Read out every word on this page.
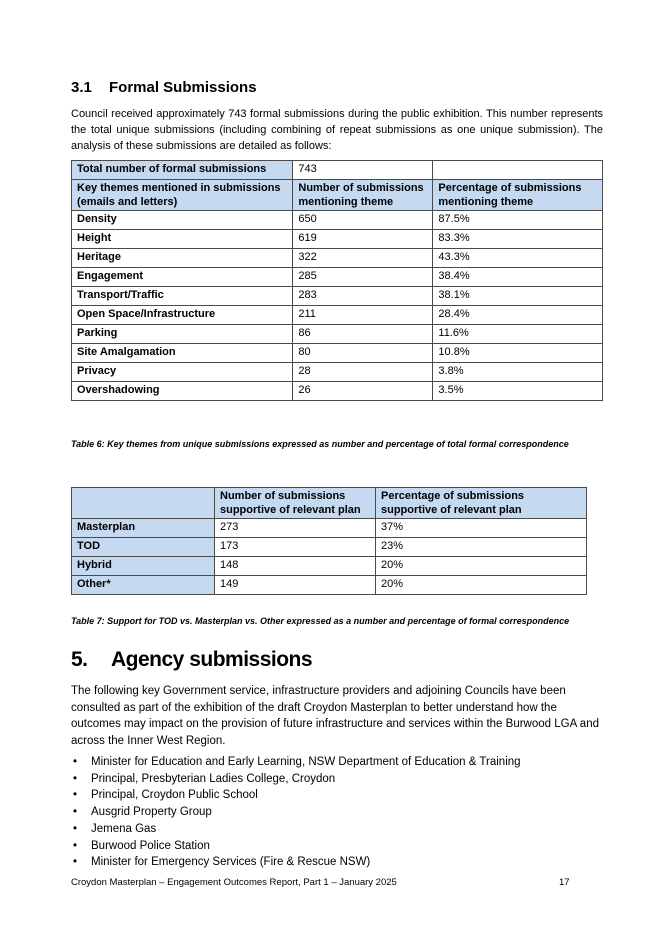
3.1 Formal Submissions

Council received approximately 743 formal submissions during the public exhibition. This number represents the total unique submissions (including combining of repeat submissions as one unique submission). The analysis of these submissions are detailed as follows:

Total number of formal submissions	743	
Key themes mentioned in submissions (emails and letters)	Number of submissions mentioning theme	Percentage of submissions mentioning theme
Density	650	87.5%
Height	619	83.3%
Heritage	322	43.3%
Engagement	285	38.4%
Transport/Traffic	283	38.1%
Open Space/Infrastructure	211	28.4%
Parking	86	11.6%
Site Amalgamation	80	10.8%
Privacy	28	3.8%
Overshadowing	26	3.5%

Table 6: Key themes from unique submissions expressed as number and percentage of total formal correspondence

	Number of submissions supportive of relevant plan	Percentage of submissions supportive of relevant plan
Masterplan	273	37%
TOD	173	23%
Hybrid	148	20%
Other*	149	20%

Table 7: Support for TOD vs. Masterplan vs. Other expressed as a number and percentage of formal correspondence

5. Agency submissions

The following key Government service, infrastructure providers and adjoining Councils have been consulted as part of the exhibition of the draft Croydon Masterplan to better understand how the outcomes may impact on the provision of future infrastructure and services within the Burwood LGA and across the Inner West Region.

• Minister for Education and Early Learning, NSW Department of Education & Training
• Principal, Presbyterian Ladies College, Croydon
• Principal, Croydon Public School
• Ausgrid Property Group
• Jemena Gas
• Burwood Police Station
• Minister for Emergency Services (Fire & Rescue NSW)

Croydon Masterplan – Engagement Outcomes Report, Part 1 – January 2025	17
